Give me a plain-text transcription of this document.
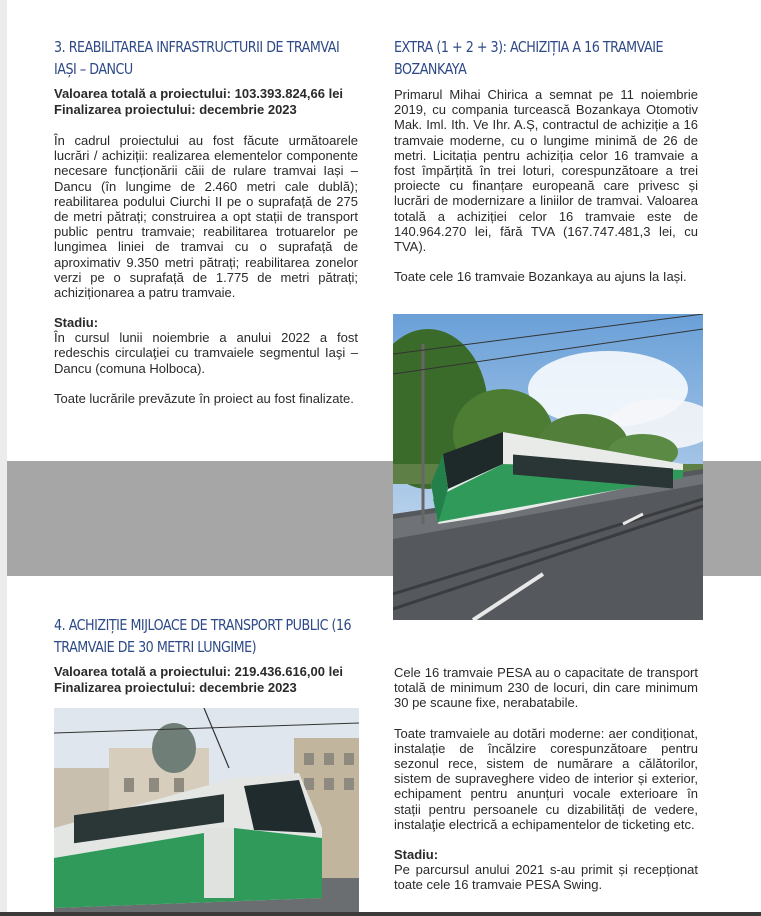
3. REABILITAREA INFRASTRUCTURII DE TRAMVAI IAȘI – DANCU

Valoarea totală a proiectului: 103.393.824,66 lei

Finalizarea proiectului: decembrie 2023

În cadrul proiectului au fost făcute următoarele lucrări / achiziții: realizarea elementelor componente necesare funcționării căii de rulare tramvai Iași – Dancu (în lungime de 2.460 metri cale dublă); reabilitarea podului Ciurchi II pe o suprafață de 275 de metri pătrați; construirea a opt stații de transport public pentru tramvaie; reabilitarea trotuarelor pe lungimea liniei de tramvai cu o suprafață de aproximativ 9.350 metri pătrați; reabilitarea zonelor verzi pe o suprafață de 1.775 de metri pătrați; achiziționarea a patru tramvaie.

Stadiu:

În cursul lunii noiembrie a anului 2022 a fost redeschis circulaţiei cu tramvaiele segmentul Iaşi – Dancu (comuna Holboca).

Toate lucrările prevăzute în proiect au fost finalizate.

EXTRA (1 + 2 + 3): ACHIZIȚIA A 16 TRAMVAIE BOZANKAYA

Primarul Mihai Chirica a semnat pe 11 noiembrie 2019, cu compania turcească Bozankaya Otomotiv Mak. Iml. Ith. Ve Ihr. A.Ș, contractul de achiziție a 16 tramvaie moderne, cu o lungime minimă de 26 de metri. Licitația pentru achiziția celor 16 tramvaie a fost împărțită în trei loturi, corespunzătoare a trei proiecte cu finanțare europeană care privesc și lucrări de modernizare a liniilor de tramvai. Valoarea totală a achiziției celor 16 tramvaie este de 140.964.270 lei, fără TVA (167.747.481,3 lei, cu TVA).

Toate cele 16 tramvaie Bozankaya au ajuns la Iași.

4. ACHIZIȚIE MIJLOACE DE TRANSPORT PUBLIC (16 TRAMVAIE DE 30 METRI LUNGIME)

Valoarea totală a proiectului: 219.436.616,00 lei

Finalizarea proiectului: decembrie 2023

Cele 16 tramvaie PESA au o capacitate de transport totală de minimum 230 de locuri, din care minimum 30 pe scaune fixe, nerabatabile.

Toate tramvaiele au dotări moderne: aer condiționat, instalație de încălzire corespunzătoare pentru sezonul rece, sistem de numărare a călătorilor, sistem de supraveghere video de interior și exterior, echipament pentru anunțuri vocale exterioare în stații pentru persoanele cu dizabilități de vedere, instalaţie electrică a echipamentelor de ticketing etc.

Stadiu:

Pe parcursul anului 2021 s-au primit și recepționat toate cele 16 tramvaie PESA Swing.
